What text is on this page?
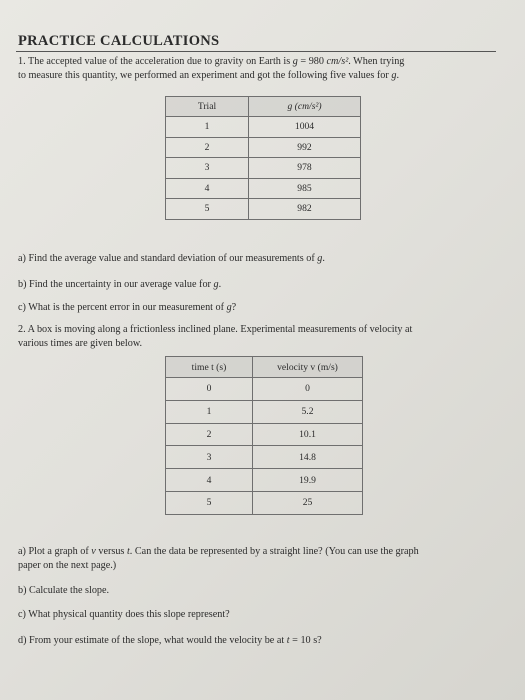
PRACTICE CALCULATIONS
1. The accepted value of the acceleration due to gravity on Earth is g = 980 cm/s². When trying
to measure this quantity, we performed an experiment and got the following five values for g.
Trial	g (cm/s²)
1	1004
2	992
3	978
4	985
5	982
a) Find the average value and standard deviation of our measurements of g.
b) Find the uncertainty in our average value for g.
c) What is the percent error in our measurement of g?
2. A box is moving along a frictionless inclined plane. Experimental measurements of velocity at
various times are given below.
time t (s)	velocity v (m/s)
0	0
1	5.2
2	10.1
3	14.8
4	19.9
5	25
a) Plot a graph of v versus t. Can the data be represented by a straight line? (You can use the graph
paper on the next page.)
b) Calculate the slope.
c) What physical quantity does this slope represent?
d) From your estimate of the slope, what would the velocity be at t = 10 s?
